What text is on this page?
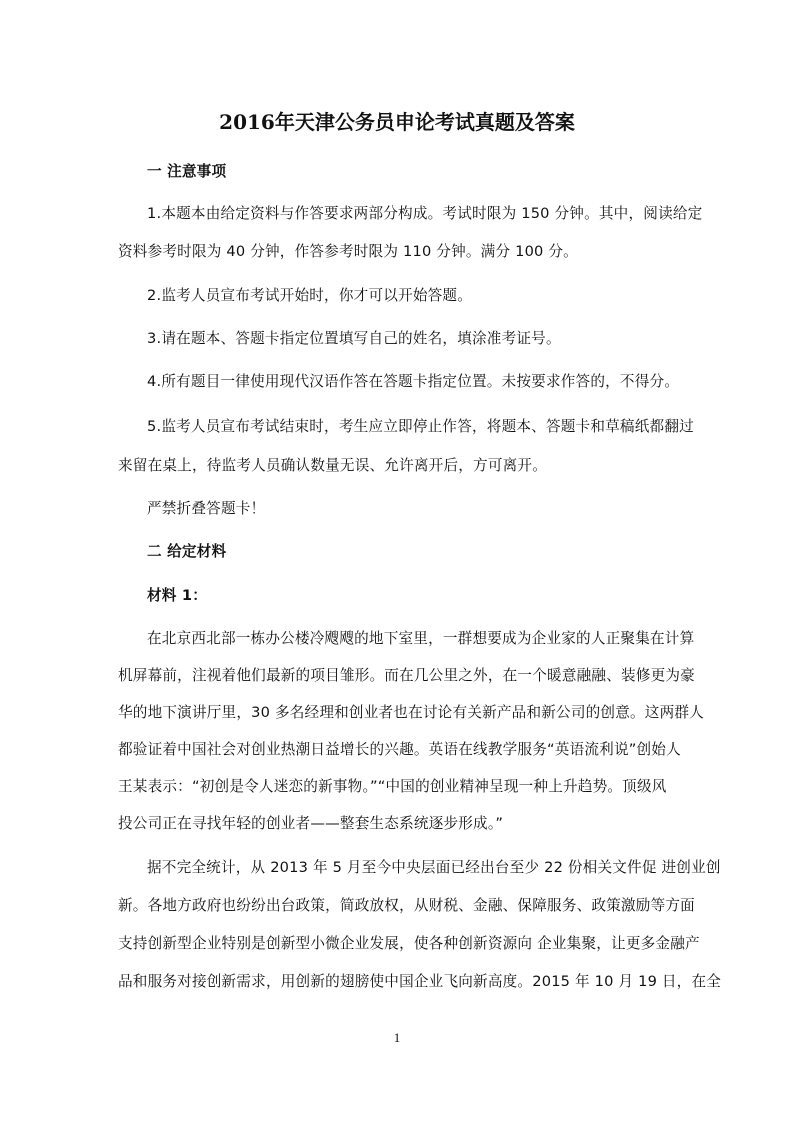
2016年天津公务员申论考试真题及答案
一 注意事项
1.本题本由给定资料与作答要求两部分构成。考试时限为 150 分钟。其中，阅读给定
资料参考时限为 40 分钟，作答参考时限为 110 分钟。满分 100 分。
2.监考人员宣布考试开始时，你才可以开始答题。
3.请在题本、答题卡指定位置填写自己的姓名，填涂准考证号。
4.所有题目一律使用现代汉语作答在答题卡指定位置。未按要求作答的，不得分。
5.监考人员宣布考试结束时，考生应立即停止作答，将题本、答题卡和草稿纸都翻过
来留在桌上，待监考人员确认数量无误、允许离开后，方可离开。
严禁折叠答题卡！
二 给定材料
材料 1：
在北京西北部一栋办公楼冷飕飕的地下室里，一群想要成为企业家的人正聚集在计算
机屏幕前，注视着他们最新的项目雏形。而在几公里之外，在一个暖意融融、装修更为豪
华的地下演讲厅里，30 多名经理和创业者也在讨论有关新产品和新公司的创意。这两群人
都验证着中国社会对创业热潮日益增长的兴趣。英语在线教学服务“英语流利说”创始人
王某表示：“初创是令人迷恋的新事物。”“中国的创业精神呈现一种上升趋势。顶级风
投公司正在寻找年轻的创业者——整套生态系统逐步形成。”
据不完全统计，从 2013 年 5 月至今中央层面已经出台至少 22 份相关文件促 进创业创
新。各地方政府也纷纷出台政策，简政放权，从财税、金融、保障服务、政策激励等方面
支持创新型企业特别是创新型小微企业发展，使各种创新资源向 企业集聚，让更多金融产
品和服务对接创新需求，用创新的翅膀使中国企业飞向新高度。2015 年 10 月 19 日，在全
1
